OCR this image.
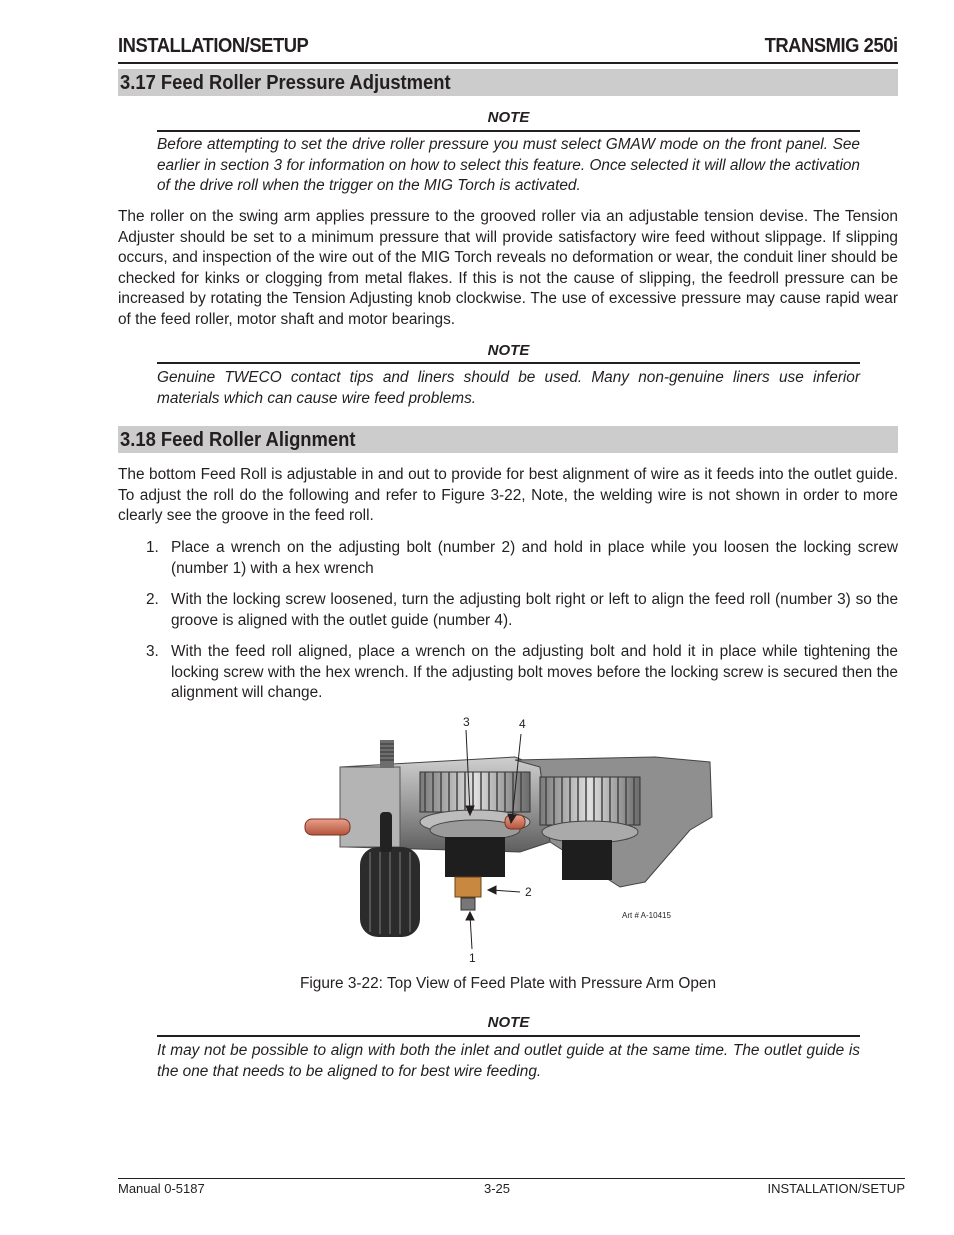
INSTALLATION/SETUP	TRANSMIG 250i
3.17 Feed Roller Pressure Adjustment
NOTE
Before attempting to set the drive roller pressure you must select GMAW mode on the front panel. See earlier in section 3 for information on how to select this feature. Once selected it will allow the activation of the drive roll when the trigger on the MIG Torch is activated.
The roller on the swing arm applies pressure to the grooved roller via an adjustable tension devise. The Tension Adjuster should be set to a minimum pressure that will provide satisfactory wire feed without slippage. If slipping occurs, and inspection of the wire out of the MIG Torch reveals no deformation or wear, the conduit liner should be checked for kinks or clogging from metal flakes. If this is not the cause of slipping, the feedroll pressure can be increased by rotating the Tension Adjusting knob clockwise. The use of excessive pressure may cause rapid wear of the feed roller, motor shaft and motor bearings.
NOTE
Genuine TWECO contact tips and liners should be used. Many non-genuine liners use inferior materials which can cause wire feed problems.
3.18 Feed Roller Alignment
The bottom Feed Roll is adjustable in and out to provide for best alignment of wire as it feeds into the outlet guide. To adjust the roll do the following and refer to Figure 3-22, Note, the welding wire is not shown in order to more clearly see the groove in the feed roll.
1. Place a wrench on the adjusting bolt (number 2) and hold in place while you loosen the locking screw (number 1) with a hex wrench
2. With the locking screw loosened, turn the adjusting bolt right or left to align the feed roll (number 3) so the groove is aligned with the outlet guide (number 4).
3. With the feed roll aligned, place a wrench on the adjusting bolt and hold it in place while tightening the locking screw with the hex wrench. If the adjusting bolt moves before the locking screw is secured then the alignment will change.
3	4
2
1
Art # A-10415
Figure 3-22: Top View of Feed Plate with Pressure Arm Open
NOTE
It may not be possible to align with both the inlet and outlet guide at the same time. The outlet guide is the one that needs to be aligned to for best wire feeding.
Manual 0-5187	3-25	INSTALLATION/SETUP
